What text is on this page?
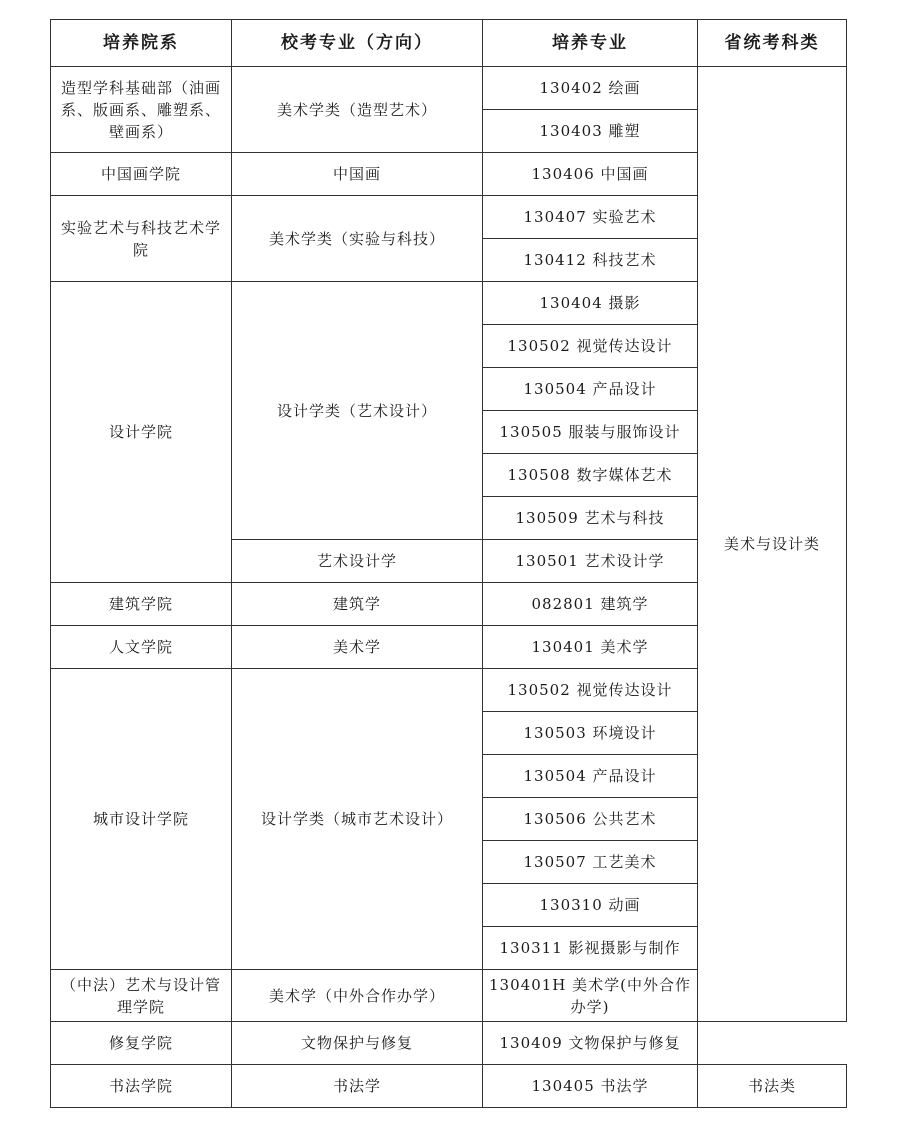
培养院系	校考专业（方向）	培养专业	省统考科类
造型学科基础部（油画系、版画系、雕塑系、壁画系）	美术学类（造型艺术）	130402 绘画	美术与设计类
		130403 雕塑	
中国画学院	中国画	130406 中国画	
实验艺术与科技艺术学院	美术学类（实验与科技）	130407 实验艺术	
		130412 科技艺术	
设计学院	设计学类（艺术设计）	130404 摄影	
		130502 视觉传达设计	
		130504 产品设计	
		130505 服装与服饰设计	
		130508 数字媒体艺术	
		130509 艺术与科技	
	艺术设计学	130501 艺术设计学	
建筑学院	建筑学	082801 建筑学	
人文学院	美术学	130401 美术学	
城市设计学院	设计学类（城市艺术设计）	130502 视觉传达设计	
		130503 环境设计	
		130504 产品设计	
		130506 公共艺术	
		130507 工艺美术	
		130310 动画	
		130311 影视摄影与制作	
（中法）艺术与设计管理学院	美术学（中外合作办学）	130401H 美术学(中外合作办学)	
修复学院	文物保护与修复	130409 文物保护与修复	
书法学院	书法学	130405 书法学	书法类
